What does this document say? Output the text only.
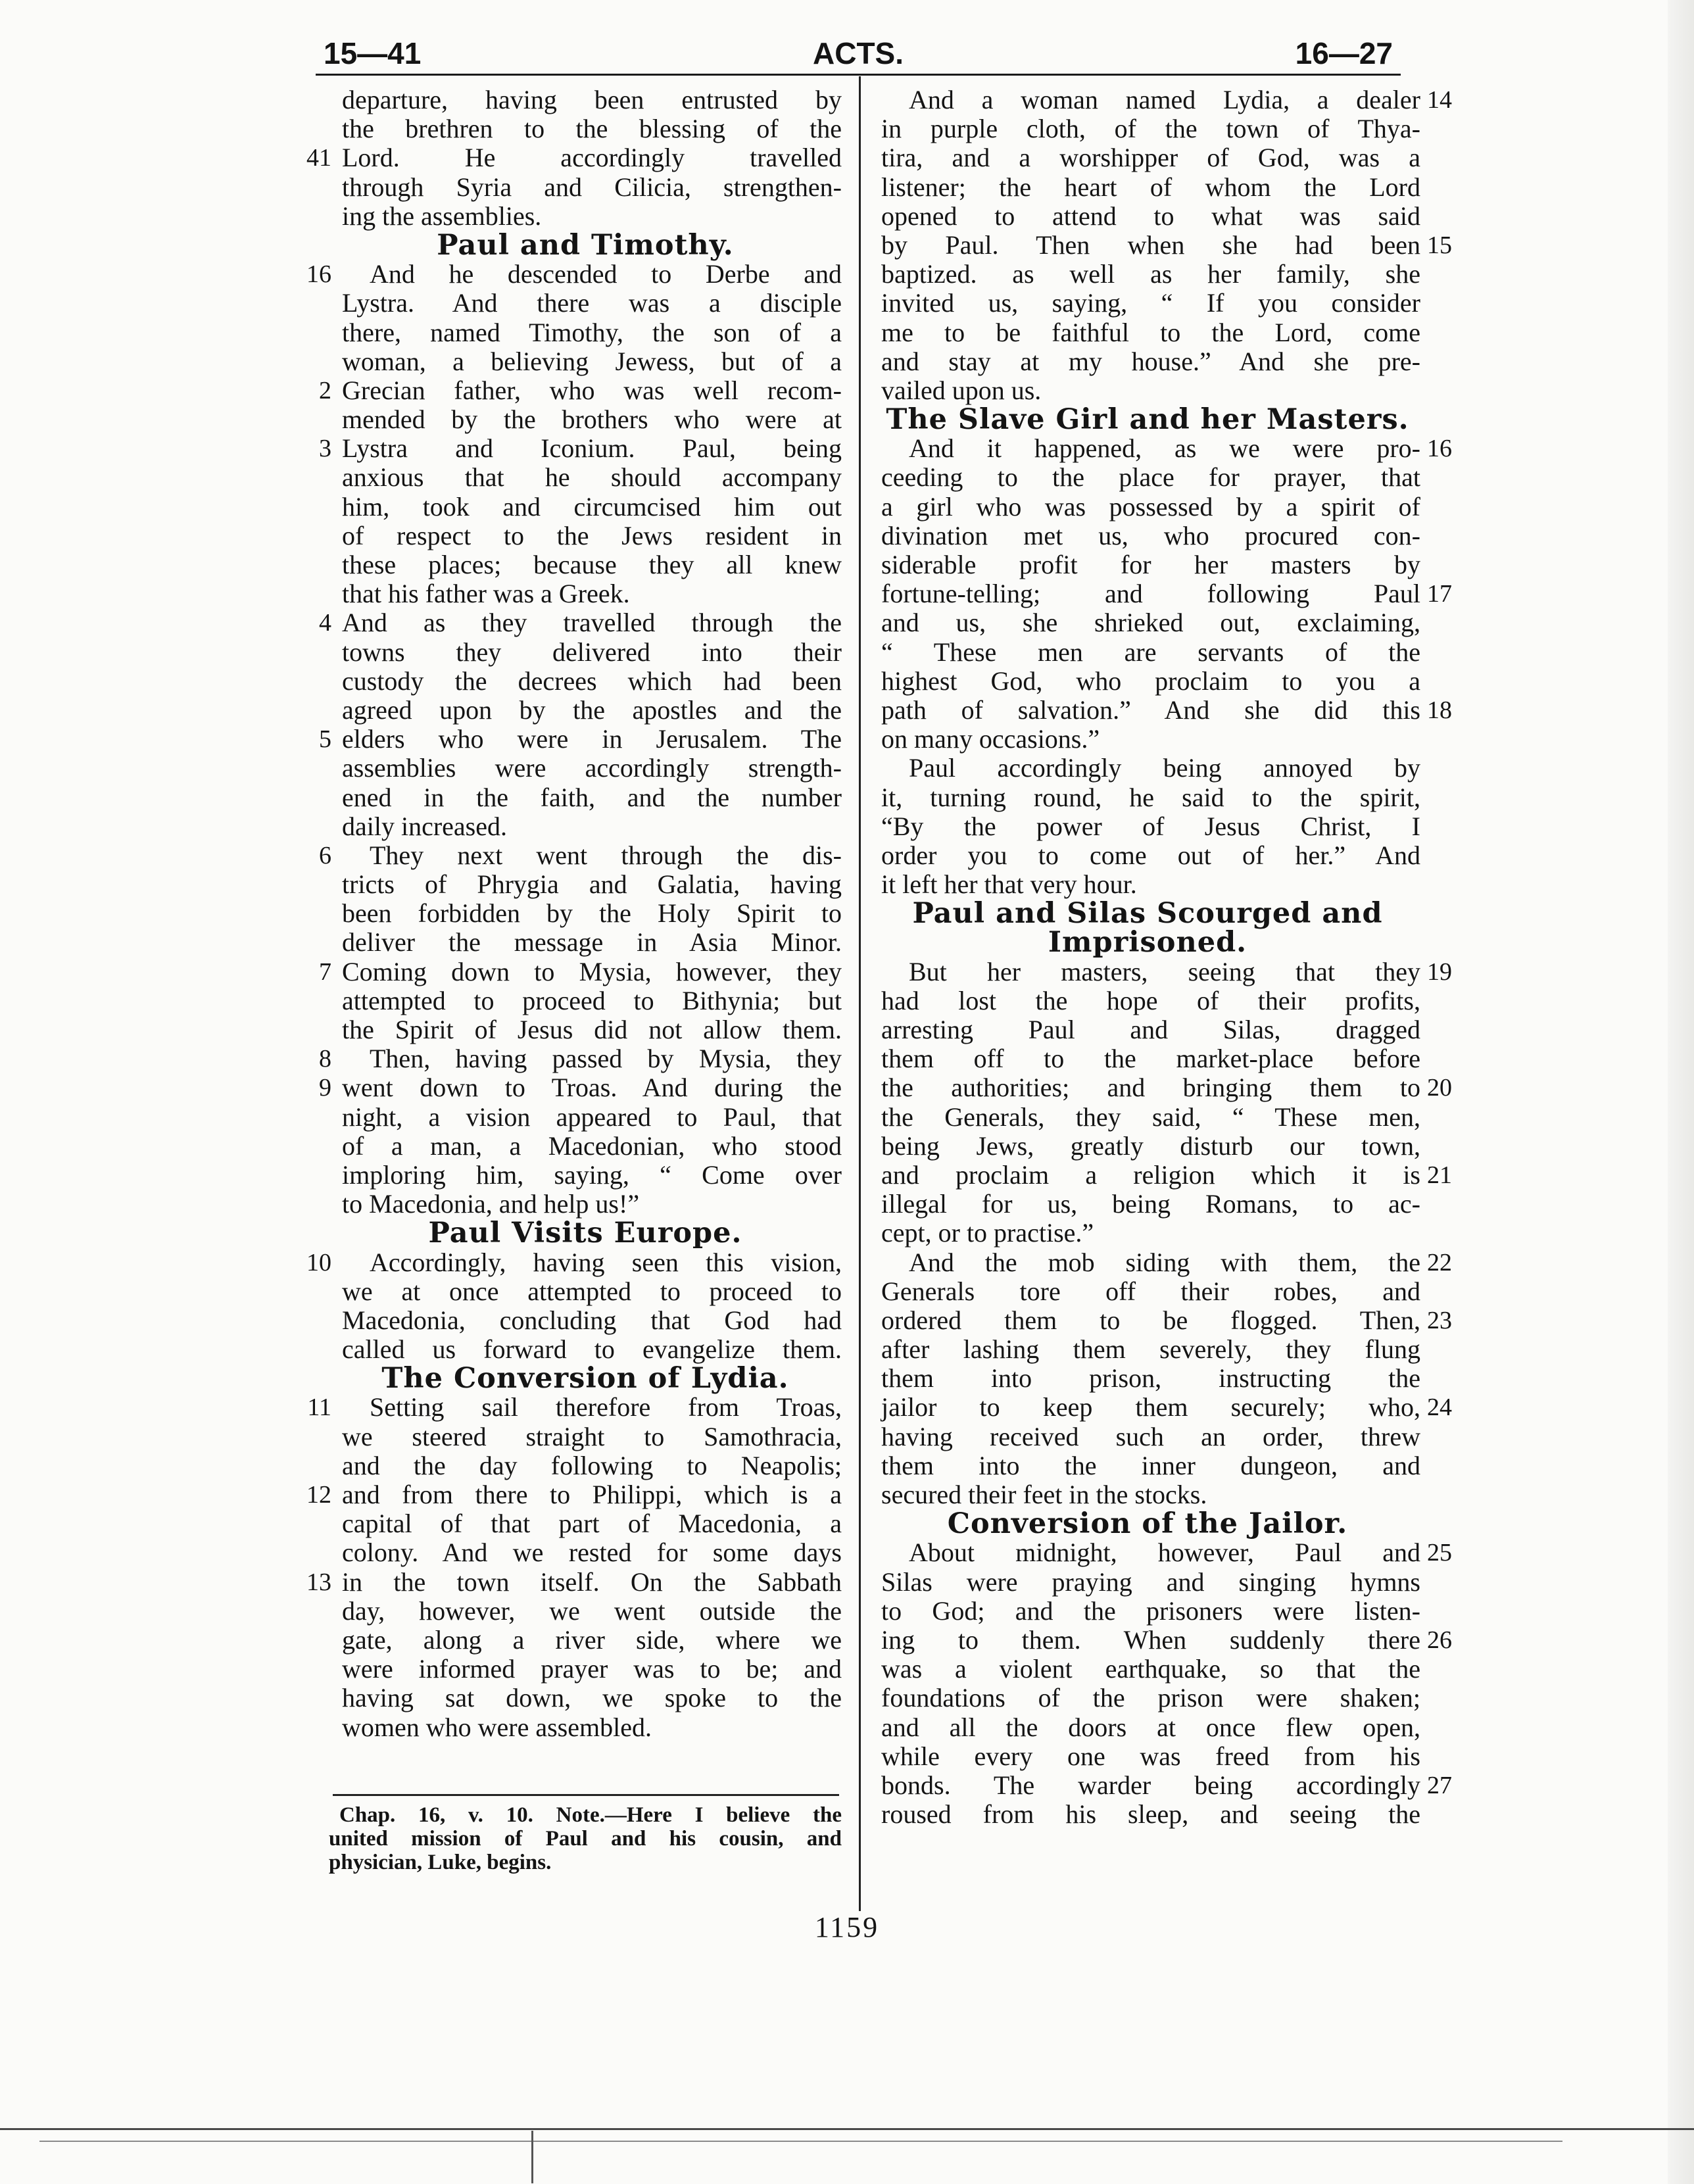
15—41	ACTS.	16—27
departure, having been entrusted by
the brethren to the blessing of the
41 Lord. He accordingly travelled
through Syria and Cilicia, strengthen-
ing the assemblies.
Paul and Timothy.
16	And he descended to Derbe and
Lystra. And there was a disciple
there, named Timothy, the son of a
woman, a believing Jewess, but of a
2 Grecian father, who was well recom-
mended by the brothers who were at
3 Lystra and Iconium. Paul, being
anxious that he should accompany
him, took and circumcised him out
of respect to the Jews resident in
these places; because they all knew
that his father was a Greek.
4 And as they travelled through the
towns they delivered into their
custody the decrees which had been
agreed upon by the apostles and the
5 elders who were in Jerusalem. The
assemblies were accordingly strength-
ened in the faith, and the number
daily increased.
6	They next went through the dis-
tricts of Phrygia and Galatia, having
been forbidden by the Holy Spirit to
deliver the message in Asia Minor.
7 Coming down to Mysia, however, they
attempted to proceed to Bithynia; but
the Spirit of Jesus did not allow them.
8	Then, having passed by Mysia, they
9 went down to Troas. And during the
night, a vision appeared to Paul, that
of a man, a Macedonian, who stood
imploring him, saying, “ Come over
to Macedonia, and help us!”
Paul Visits Europe.
10	Accordingly, having seen this vision,
we at once attempted to proceed to
Macedonia, concluding that God had
called us forward to evangelize them.
The Conversion of Lydia.
11	Setting sail therefore from Troas,
we steered straight to Samothracia,
and the day following to Neapolis;
12 and from there to Philippi, which is a
capital of that part of Macedonia, a
colony. And we rested for some days
13 in the town itself. On the Sabbath
day, however, we went outside the
gate, along a river side, where we
were informed prayer was to be; and
having sat down, we spoke to the
women who were assembled.
14
And a woman named Lydia, a dealer
in purple cloth, of the town of Thya-
tira, and a worshipper of God, was a
listener; the heart of whom the Lord
opened to attend to what was said
15
by Paul. Then when she had been
baptized. as well as her family, she
invited us, saying, “ If you consider
me to be faithful to the Lord, come
and stay at my house.” And she pre-
vailed upon us.
The Slave Girl and her Masters.
16
And it happened, as we were pro-
ceeding to the place for prayer, that
a girl who was possessed by a spirit of
divination met us, who procured con-
siderable profit for her masters by
17
fortune-telling; and following Paul
and us, she shrieked out, exclaiming,
“ These men are servants of the
highest God, who proclaim to you a
18
path of salvation.” And she did this
on many occasions.”
Paul accordingly being annoyed by
it, turning round, he said to the spirit,
“By the power of Jesus Christ, I
order you to come out of her.” And
it left her that very hour.
Paul and Silas Scourged and
Imprisoned.
19
But her masters, seeing that they
had lost the hope of their profits,
arresting Paul and Silas, dragged
them off to the market-place before
20
the authorities; and bringing them to
the Generals, they said, “ These men,
being Jews, greatly disturb our town,
21
and proclaim a religion which it is
illegal for us, being Romans, to ac-
cept, or to practise.”
22
And the mob siding with them, the
Generals tore off their robes, and
23
ordered them to be flogged. Then,
after lashing them severely, they flung
them into prison, instructing the
24
jailor to keep them securely; who,
having received such an order, threw
them into the inner dungeon, and
secured their feet in the stocks.
Conversion of the Jailor.
25
About midnight, however, Paul and
Silas were praying and singing hymns
to God; and the prisoners were listen-
26
ing to them. When suddenly there
was a violent earthquake, so that the
foundations of the prison were shaken;
and all the doors at once flew open,
while every one was freed from his
27
bonds. The warder being accordingly
roused from his sleep, and seeing the
Chap. 16, v. 10. Note.—Here I believe the
united mission of Paul and his cousin, and
physician, Luke, begins.
1159
